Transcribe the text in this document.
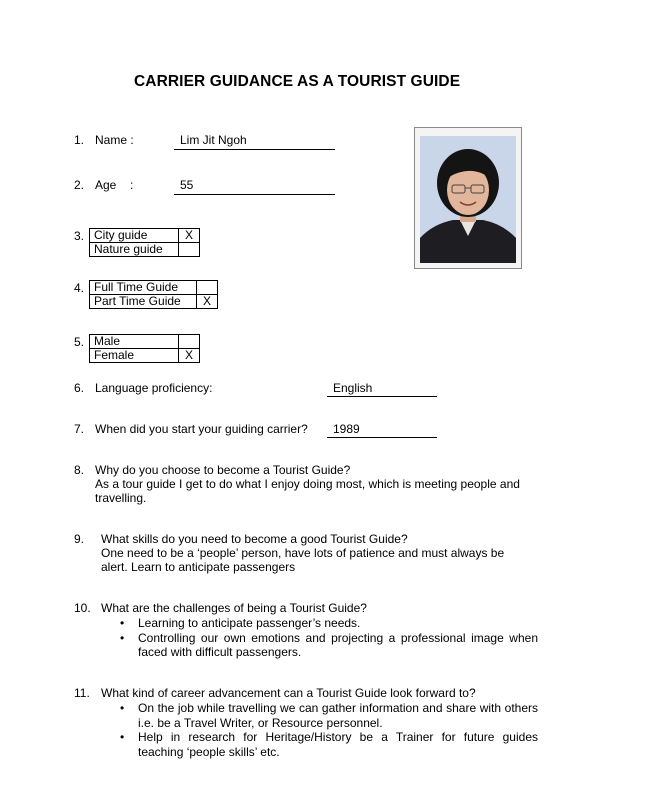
CARRIER GUIDANCE AS A TOURIST GUIDE
1. Name :	Lim Jit Ngoh
2. Age :	55
3. City guide	X
Nature guide	
4. Full Time Guide	
Part Time Guide	X
5. Male	
Female	X
6. Language proficiency:	English
7. When did you start your guiding carrier?	1989
8. Why do you choose to become a Tourist Guide?
As a tour guide I get to do what I enjoy doing most, which is meeting people and travelling.
9. What skills do you need to become a good Tourist Guide?
One need to be a ‘people’ person, have lots of patience and must always be alert. Learn to anticipate passengers
10. What are the challenges of being a Tourist Guide?
• Learning to anticipate passenger’s needs.
• Controlling our own emotions and projecting a professional image when faced with difficult passengers.
11. What kind of career advancement can a Tourist Guide look forward to?
• On the job while travelling we can gather information and share with others i.e. be a Travel Writer, or Resource personnel.
• Help in research for Heritage/History be a Trainer for future guides teaching ‘people skills’ etc.
